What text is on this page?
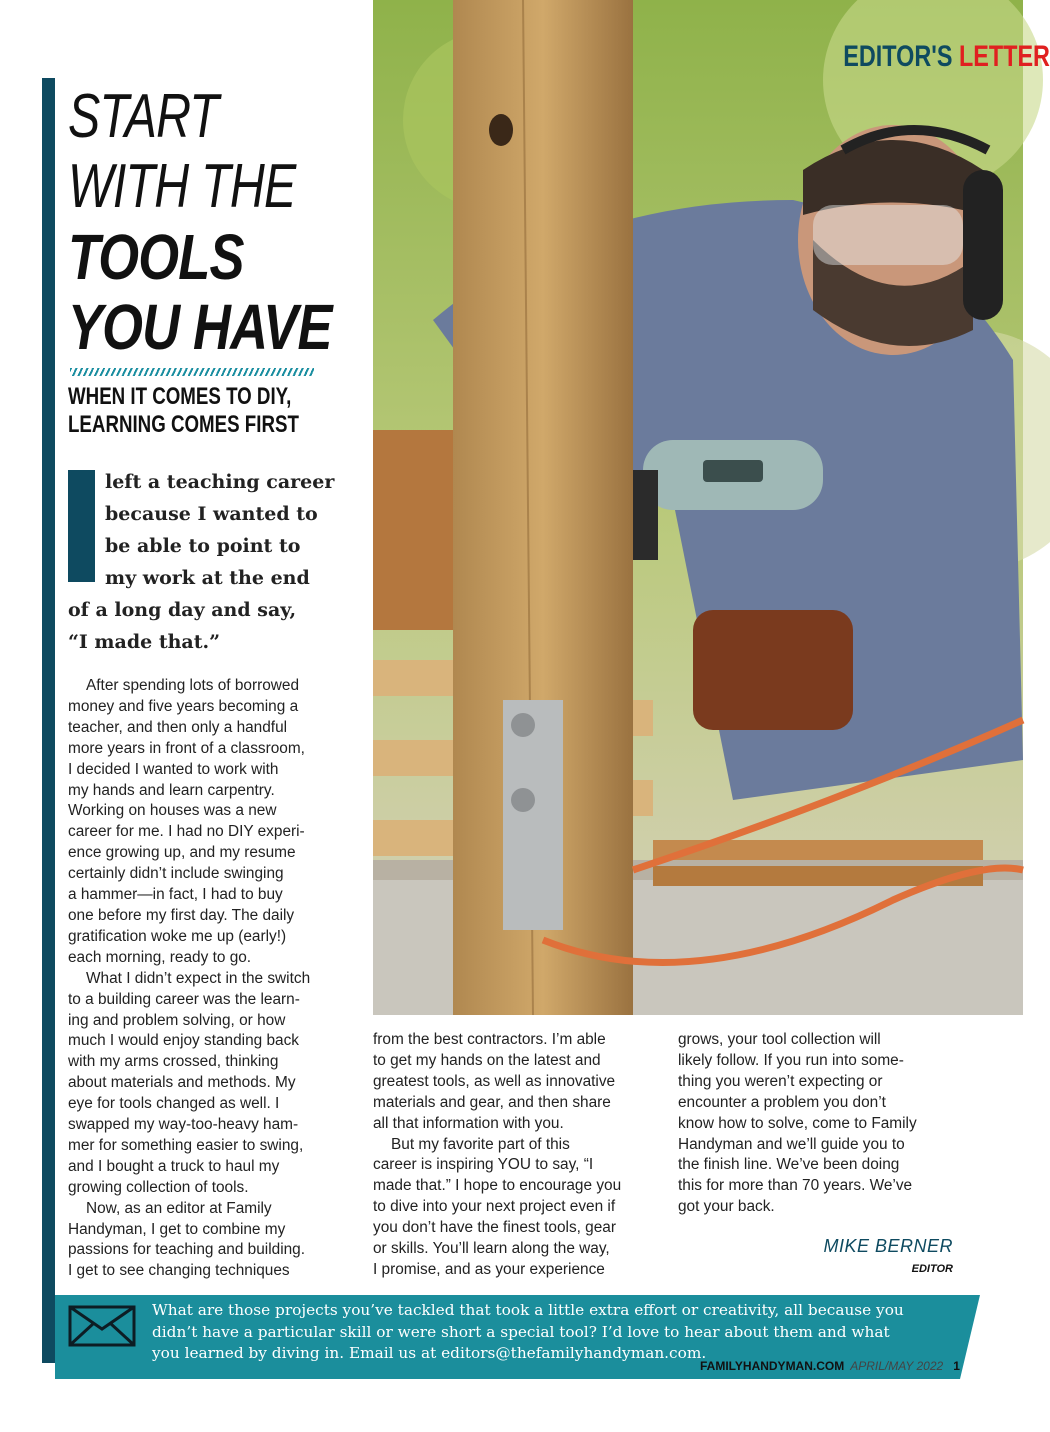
START
WITH THE
TOOLS
YOU HAVE
WHEN IT COMES TO DIY,
LEARNING COMES FIRST
left a teaching career
because I wanted to
be able to point to
my work at the end
of a long day and say,
“I made that.”
After spending lots of borrowed
money and five years becoming a
teacher, and then only a handful
more years in front of a classroom,
I decided I wanted to work with
my hands and learn carpentry.
Working on houses was a new
career for me. I had no DIY experi-
ence growing up, and my resume
certainly didn’t include swinging
a hammer—in fact, I had to buy
one before my first day. The daily
gratification woke me up (early!)
each morning, ready to go.
What I didn’t expect in the switch
to a building career was the learn-
ing and problem solving, or how
much I would enjoy standing back
with my arms crossed, thinking
about materials and methods. My
eye for tools changed as well. I
swapped my way-too-heavy ham-
mer for something easier to swing,
and I bought a truck to haul my
growing collection of tools.
Now, as an editor at Family
Handyman, I get to combine my
passions for teaching and building.
I get to see changing techniques
from the best contractors. I’m able
to get my hands on the latest and
greatest tools, as well as innovative
materials and gear, and then share
all that information with you.
But my favorite part of this
career is inspiring YOU to say, “I
made that.” I hope to encourage you
to dive into your next project even if
you don’t have the finest tools, gear
or skills. You’ll learn along the way,
I promise, and as your experience
grows, your tool collection will
likely follow. If you run into some-
thing you weren’t expecting or
encounter a problem you don’t
know how to solve, come to Family
Handyman and we’ll guide you to
the finish line. We’ve been doing
this for more than 70 years. We’ve
got your back.
MIKE BERNER
EDITOR
EDITOR'S LETTER
What are those projects you’ve tackled that took a little extra effort or creativity, all because you
didn’t have a particular skill or were short a special tool? I’d love to hear about them and what
you learned by diving in. Email us at editors@thefamilyhandyman.com.
FAMILYHANDYMAN.COM APRIL/MAY 2022 1
